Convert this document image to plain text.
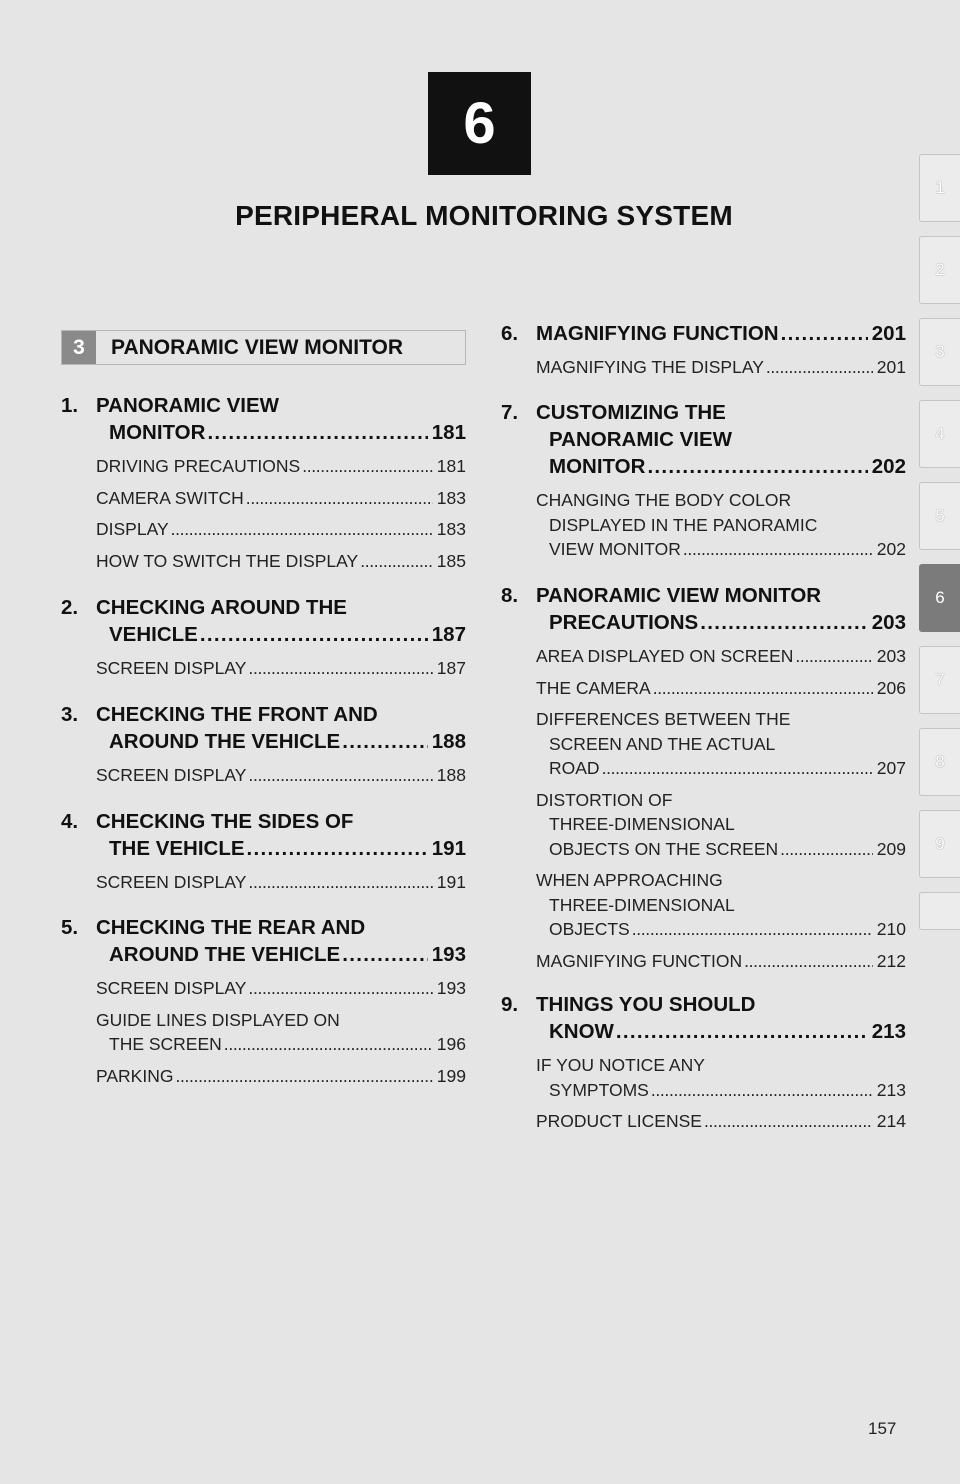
6
PERIPHERAL MONITORING SYSTEM
1
2
3
4
5
6
7
8
9
3	PANORAMIC VIEW MONITOR
1. PANORAMIC VIEW
MONITOR . . .	181
DRIVING PRECAUTIONS . . .	181
CAMERA SWITCH . . .	183
DISPLAY . . .	183
HOW TO SWITCH THE DISPLAY . . .	185
2. CHECKING AROUND THE
VEHICLE . . .	187
SCREEN DISPLAY . . .	187
3. CHECKING THE FRONT AND
AROUND THE VEHICLE . . .	188
SCREEN DISPLAY . . .	188
4. CHECKING THE SIDES OF
THE VEHICLE . . .	191
SCREEN DISPLAY . . .	191
5. CHECKING THE REAR AND
AROUND THE VEHICLE . . .	193
SCREEN DISPLAY . . .	193
GUIDE LINES DISPLAYED ON
THE SCREEN . . .	196
PARKING . . .	199
6. MAGNIFYING FUNCTION . . .	201
MAGNIFYING THE DISPLAY . . .	201
7. CUSTOMIZING THE
PANORAMIC VIEW
MONITOR . . .	202
CHANGING THE BODY COLOR
DISPLAYED IN THE PANORAMIC
VIEW MONITOR . . .	202
8. PANORAMIC VIEW MONITOR
PRECAUTIONS . . .	203
AREA DISPLAYED ON SCREEN . . .	203
THE CAMERA . . .	206
DIFFERENCES BETWEEN THE
SCREEN AND THE ACTUAL
ROAD . . .	207
DISTORTION OF
THREE-DIMENSIONAL
OBJECTS ON THE SCREEN . . .	209
WHEN APPROACHING
THREE-DIMENSIONAL
OBJECTS . . .	210
MAGNIFYING FUNCTION . . .	212
9. THINGS YOU SHOULD
KNOW . . .	213
IF YOU NOTICE ANY
SYMPTOMS . . .	213
PRODUCT LICENSE . . .	214
157
